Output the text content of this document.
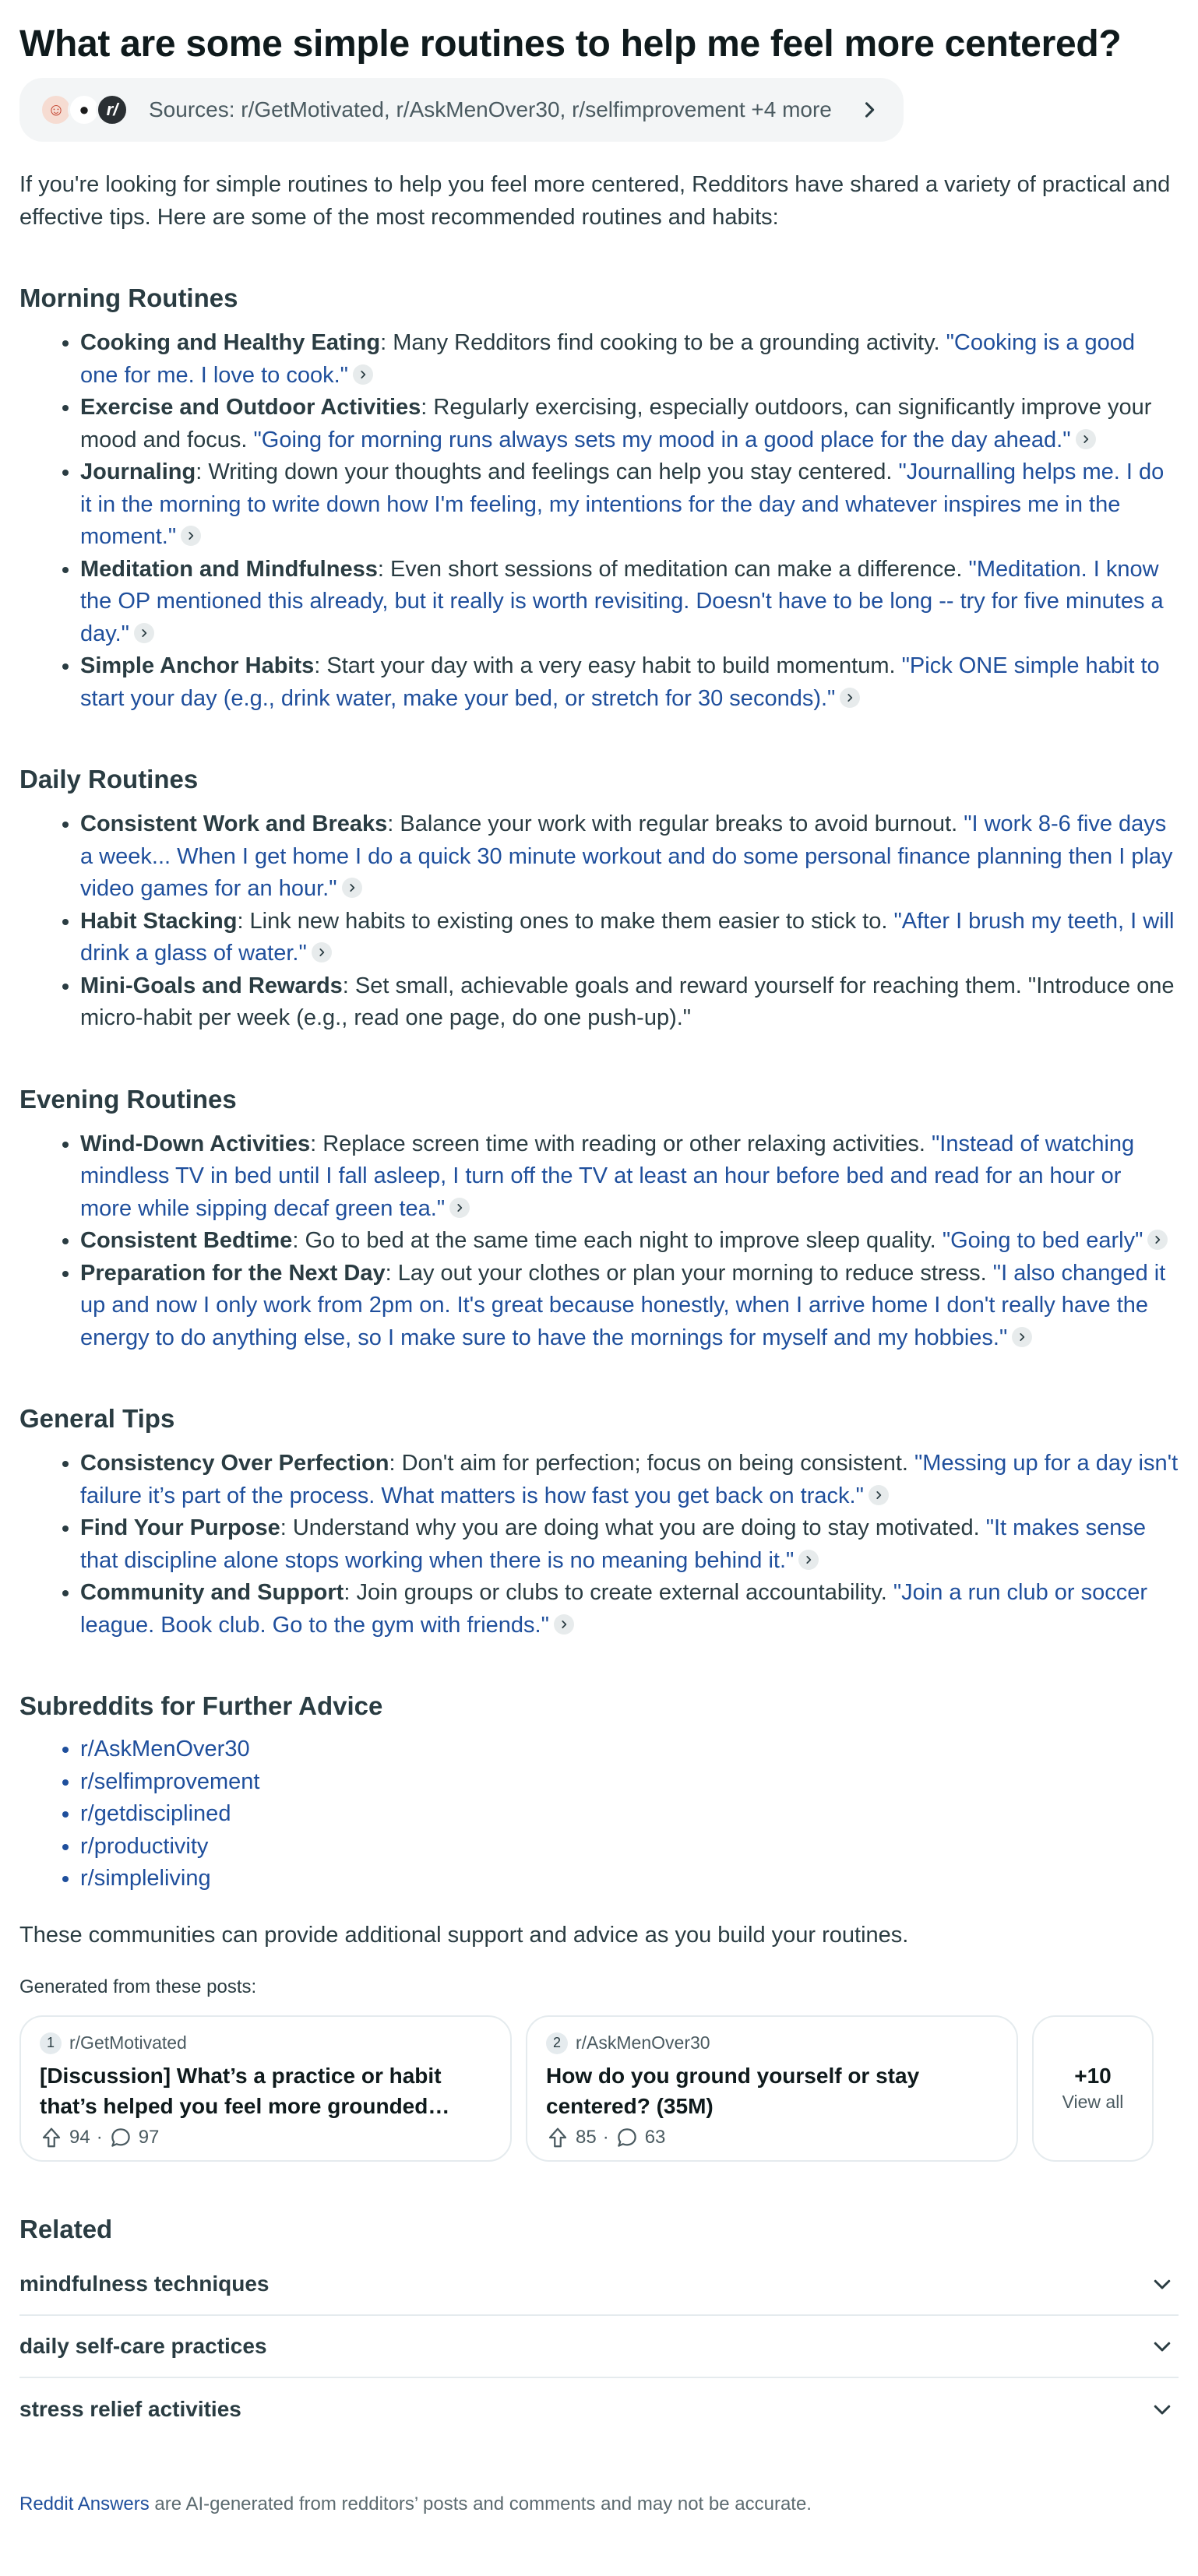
What are some simple routines to help me feel more centered?
☺ ●	r/	Sources: r/GetMotivated, r/AskMenOver30, r/selfimprovement +4 more

If you're looking for simple routines to help you feel more centered, Redditors have shared a variety of practical and effective tips. Here are some of the most recommended routines and habits:

Morning Routines
• Cooking and Healthy Eating: Many Redditors find cooking to be a grounding activity. "Cooking is a good one for me. I love to cook."
• Exercise and Outdoor Activities: Regularly exercising, especially outdoors, can significantly improve your mood and focus. "Going for morning runs always sets my mood in a good place for the day ahead."
• Journaling: Writing down your thoughts and feelings can help you stay centered. "Journalling helps me. I do it in the morning to write down how I'm feeling, my intentions for the day and whatever inspires me in the moment."
• Meditation and Mindfulness: Even short sessions of meditation can make a difference. "Meditation. I know the OP mentioned this already, but it really is worth revisiting. Doesn't have to be long -- try for five minutes a day."
• Simple Anchor Habits: Start your day with a very easy habit to build momentum. "Pick ONE simple habit to start your day (e.g., drink water, make your bed, or stretch for 30 seconds)."
Daily Routines
• Consistent Work and Breaks: Balance your work with regular breaks to avoid burnout. "I work 8-6 five days a week... When I get home I do a quick 30 minute workout and do some personal finance planning then I play video games for an hour."
• Habit Stacking: Link new habits to existing ones to make them easier to stick to. "After I brush my teeth, I will drink a glass of water."
• Mini-Goals and Rewards: Set small, achievable goals and reward yourself for reaching them. "Introduce one micro-habit per week (e.g., read one page, do one push-up)."
Evening Routines
• Wind-Down Activities: Replace screen time with reading or other relaxing activities. "Instead of watching mindless TV in bed until I fall asleep, I turn off the TV at least an hour before bed and read for an hour or more while sipping decaf green tea."
• Consistent Bedtime: Go to bed at the same time each night to improve sleep quality. "Going to bed early"
• Preparation for the Next Day: Lay out your clothes or plan your morning to reduce stress. "I also changed it up and now I only work from 2pm on. It's great because honestly, when I arrive home I don't really have the energy to do anything else, so I make sure to have the mornings for myself and my hobbies."
General Tips
• Consistency Over Perfection: Don't aim for perfection; focus on being consistent. "Messing up for a day isn't failure it’s part of the process. What matters is how fast you get back on track."
• Find Your Purpose: Understand why you are doing what you are doing to stay motivated. "It makes sense that discipline alone stops working when there is no meaning behind it."
• Community and Support: Join groups or clubs to create external accountability. "Join a run club or soccer league. Book club. Go to the gym with friends."
Subreddits for Further Advice
• r/AskMenOver30
• r/selfimprovement
• r/getdisciplined
• r/productivity
• r/simpleliving

These communities can provide additional support and advice as you build your routines.

Generated from these posts:
1 r/GetMotivated
[Discussion] What’s a practice or habit that’s helped you feel more grounded
94 · 97
2 r/AskMenOver30
How do you ground yourself or stay centered? (35M)
85 · 63
+10
View all
Related
mindfulness techniques
daily self-care practices
stress relief activities
Reddit Answers are AI-generated from redditors’ posts and comments and may not be accurate.
